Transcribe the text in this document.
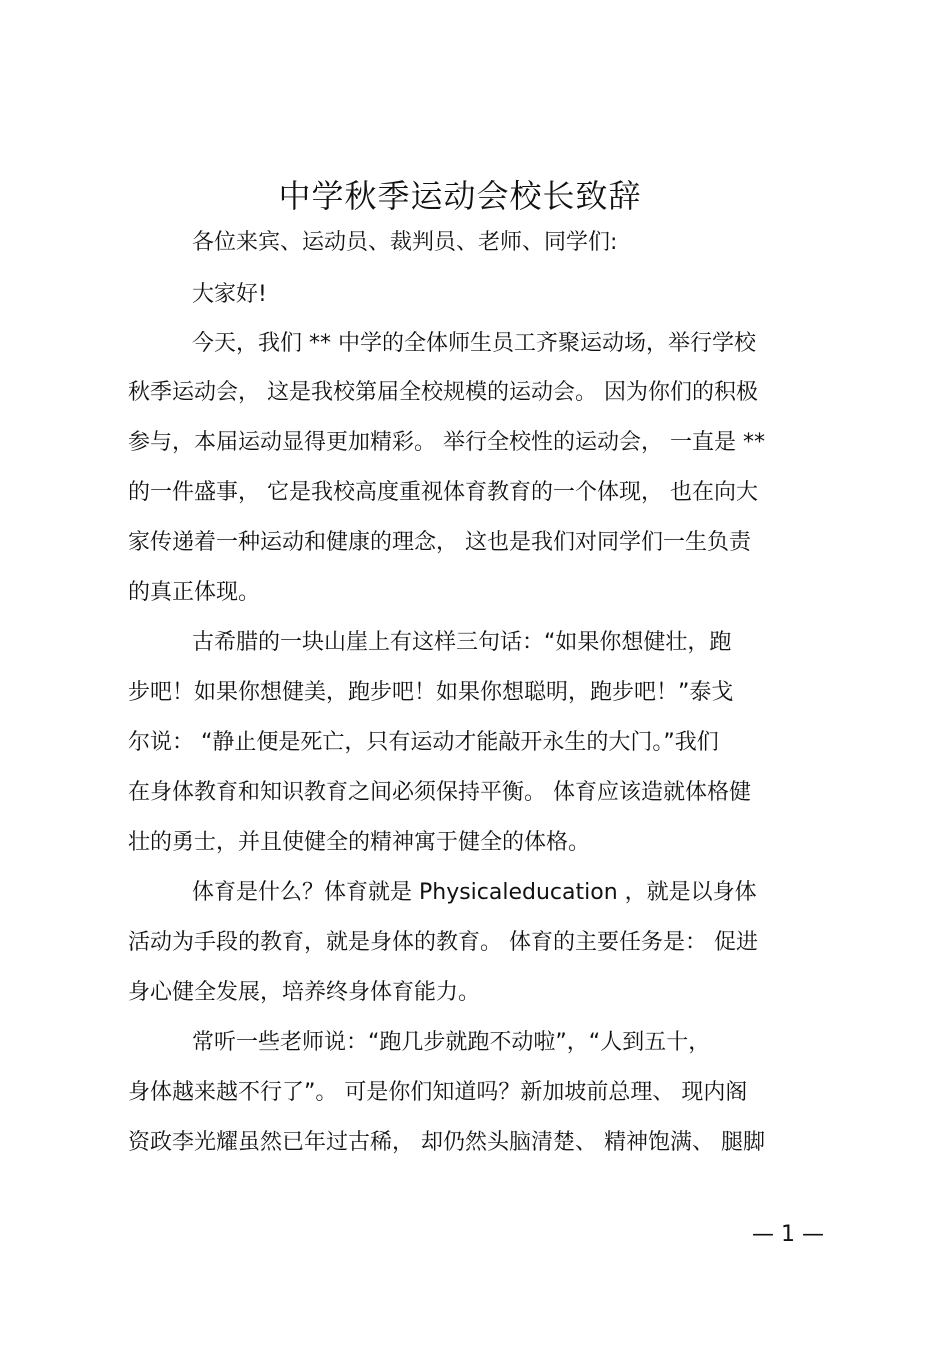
中学秋季运动会校长致辞
各位来宾、运动员、裁判员、老师、同学们:
大家好!
今天，我们 ** 中学的全体师生员工齐聚运动场，举行学校
秋季运动会， 这是我校第届全校规模的运动会。 因为你们的积极
参与，本届运动显得更加精彩。 举行全校性的运动会， 一直是 **
的一件盛事， 它是我校高度重视体育教育的一个体现， 也在向大
家传递着一种运动和健康的理念， 这也是我们对同学们一生负责
的真正体现。
古希腊的一块山崖上有这样三句话：“如果你想健壮，跑
步吧！如果你想健美，跑步吧！如果你想聪明，跑步吧！”泰戈
尔说： “静止便是死亡，只有运动才能敲开永生的大门。”我们
在身体教育和知识教育之间必须保持平衡。 体育应该造就体格健
壮的勇士，并且使健全的精神寓于健全的体格。
体育是什么？体育就是 Physicaleducation ，就是以身体
活动为手段的教育，就是身体的教育。 体育的主要任务是： 促进
身心健全发展，培养终身体育能力。
常听一些老师说：“跑几步就跑不动啦”，“人到五十，
身体越来越不行了”。 可是你们知道吗？新加坡前总理、 现内阁
资政李光耀虽然已年过古稀， 却仍然头脑清楚、 精神饱满、 腿脚
— 1 —
